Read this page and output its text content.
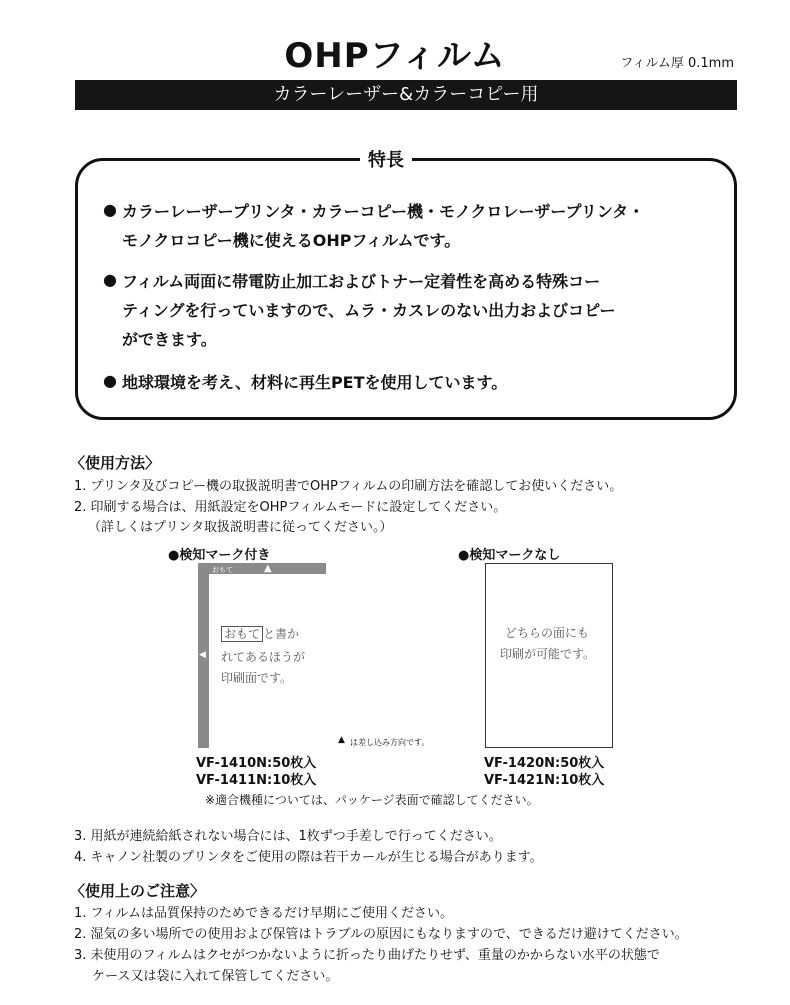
OHPフィルム	フィルム厚 0.1mm
カラーレーザー&カラーコピー用
特長
● カラーレーザープリンタ・カラーコピー機・モノクロレーザープリンタ・
モノクロコピー機に使えるOHPフィルムです。
● フィルム両面に帯電防止加工およびトナー定着性を高める特殊コー
ティングを行っていますので、ムラ・カスレのない出力およびコピー
ができます。
● 地球環境を考え、材料に再生PETを使用しています。
〈使用方法〉
1. プリンタ及びコピー機の取扱説明書でOHPフィルムの印刷方法を確認してお使いください。
2. 印刷する場合は、用紙設定をOHPフィルムモードに設定してください。
（詳しくはプリンタ取扱説明書に従ってください。）
●検知マーク付き
おもて	▲
◀
おもて と書か
れてあるほうが
印刷面です。
▲ は差し込み方向です。
VF-1410N:50枚入
VF-1411N:10枚入
●検知マークなし
どちらの面にも
印刷が可能です。
VF-1420N:50枚入
VF-1421N:10枚入
※適合機種については、パッケージ表面で確認してください。
3. 用紙が連続給紙されない場合には、1枚ずつ手差しで行ってください。
4. キャノン社製のプリンタをご使用の際は若干カールが生じる場合があります。
〈使用上のご注意〉
1. フィルムは品質保持のためできるだけ早期にご使用ください。
2. 湿気の多い場所での使用および保管はトラブルの原因にもなりますので、できるだけ避けてください。
3. 未使用のフィルムはクセがつかないように折ったり曲げたりせず、重量のかからない水平の状態で
ケース又は袋に入れて保管してください。
